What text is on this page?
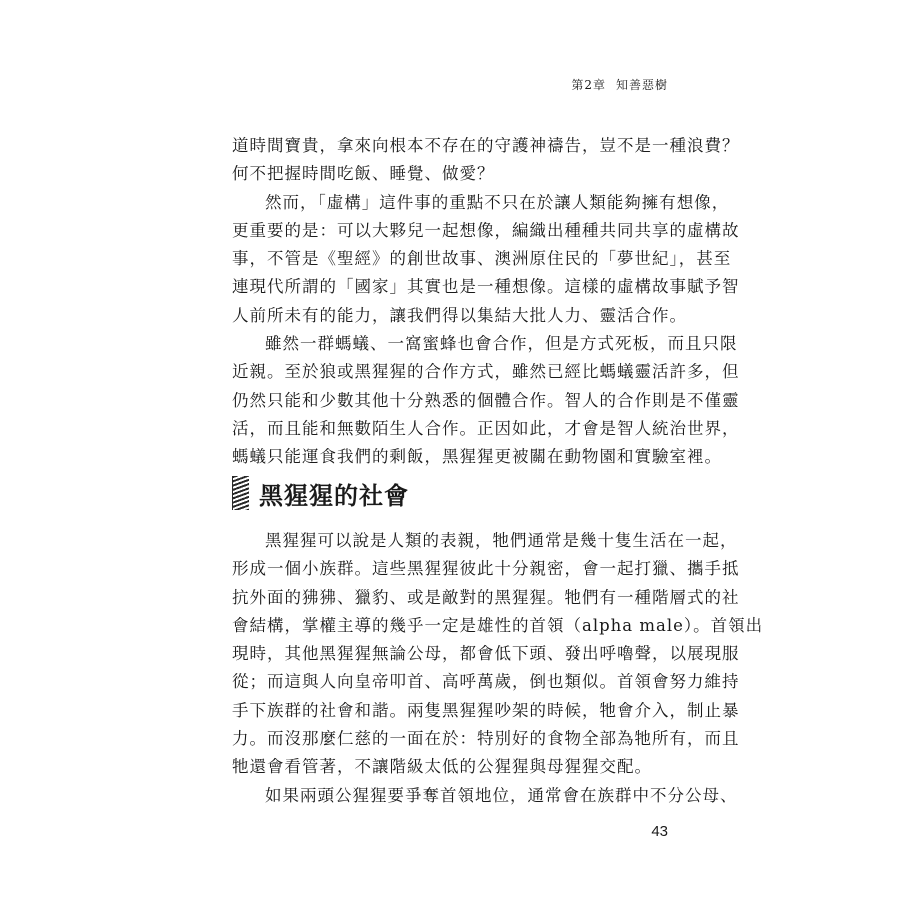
第2章 知善惡樹
道時間寶貴，拿來向根本不存在的守護神禱告，豈不是一種浪費？
何不把握時間吃飯、睡覺、做愛？
然而，「虛構」這件事的重點不只在於讓人類能夠擁有想像，
更重要的是：可以大夥兒一起想像，編織出種種共同共享的虛構故
事，不管是《聖經》的創世故事、澳洲原住民的「夢世紀」，甚至
連現代所謂的「國家」其實也是一種想像。這樣的虛構故事賦予智
人前所未有的能力，讓我們得以集結大批人力、靈活合作。
雖然一群螞蟻、一窩蜜蜂也會合作，但是方式死板，而且只限
近親。至於狼或黑猩猩的合作方式，雖然已經比螞蟻靈活許多，但
仍然只能和少數其他十分熟悉的個體合作。智人的合作則是不僅靈
活，而且能和無數陌生人合作。正因如此，才會是智人統治世界，
螞蟻只能運食我們的剩飯，黑猩猩更被關在動物園和實驗室裡。
黑猩猩的社會
黑猩猩可以說是人類的表親，牠們通常是幾十隻生活在一起，
形成一個小族群。這些黑猩猩彼此十分親密，會一起打獵、攜手抵
抗外面的狒狒、獵豹、或是敵對的黑猩猩。牠們有一種階層式的社
會結構，掌權主導的幾乎一定是雄性的首領（alpha male）。首領出
現時，其他黑猩猩無論公母，都會低下頭、發出呼嚕聲，以展現服
從；而這與人向皇帝叩首、高呼萬歲，倒也類似。首領會努力維持
手下族群的社會和諧。兩隻黑猩猩吵架的時候，牠會介入，制止暴
力。而沒那麼仁慈的一面在於：特別好的食物全部為牠所有，而且
牠還會看管著，不讓階級太低的公猩猩與母猩猩交配。
如果兩頭公猩猩要爭奪首領地位，通常會在族群中不分公母、
43
